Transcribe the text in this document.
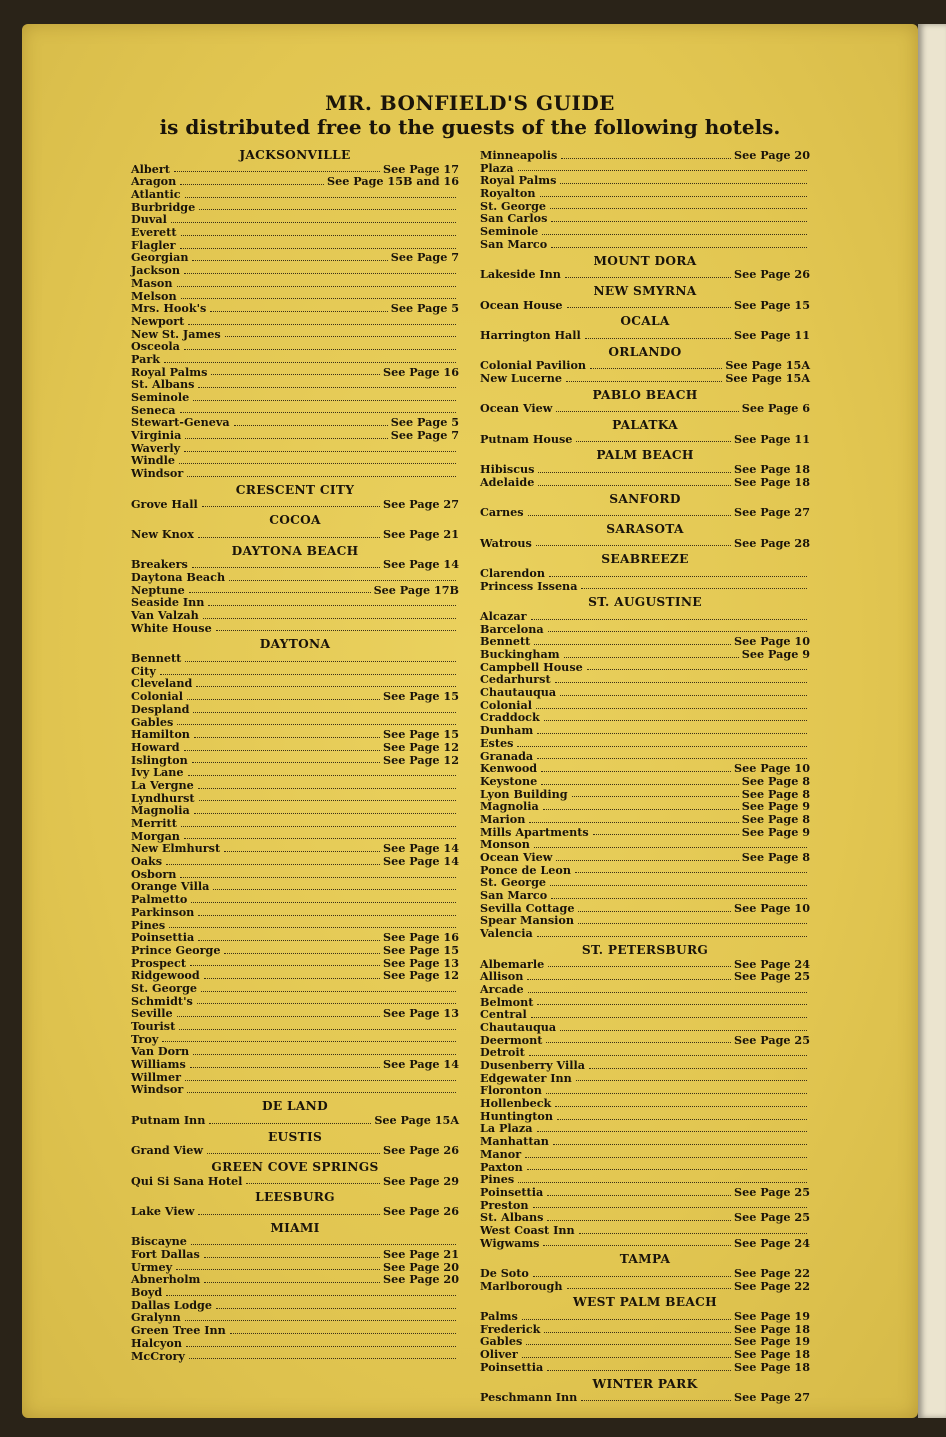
MR. BONFIELD'S GUIDE
is distributed free to the guests of the following hotels.
JACKSONVILLE
Albert	See Page 17
Aragon	See Page 15B and 16
Atlantic
Burbridge
Duval
Everett
Flagler
Georgian	See Page 7
Jackson
Mason
Melson
Mrs. Hook's	See Page 5
Newport
New St. James
Osceola
Park
Royal Palms	See Page 16
St. Albans
Seminole
Seneca
Stewart-Geneva	See Page 5
Virginia	See Page 7
Waverly
Windle
Windsor
CRESCENT CITY
Grove Hall	See Page 27
COCOA
New Knox	See Page 21
DAYTONA BEACH
Breakers	See Page 14
Daytona Beach
Neptune	See Page 17B
Seaside Inn
Van Valzah
White House
DAYTONA
Bennett
City
Cleveland
Colonial	See Page 15
Despland
Gables
Hamilton	See Page 15
Howard	See Page 12
Islington	See Page 12
Ivy Lane
La Vergne
Lyndhurst
Magnolia
Merritt
Morgan
New Elmhurst	See Page 14
Oaks	See Page 14
Osborn
Orange Villa
Palmetto
Parkinson
Pines
Poinsettia	See Page 16
Prince George	See Page 15
Prospect	See Page 13
Ridgewood	See Page 12
St. George
Schmidt's
Seville	See Page 13
Tourist
Troy
Van Dorn
Williams	See Page 14
Willmer
Windsor
DE LAND
Putnam Inn	See Page 15A
EUSTIS
Grand View	See Page 26
GREEN COVE SPRINGS
Qui Si Sana Hotel	See Page 29
LEESBURG
Lake View	See Page 26
MIAMI
Biscayne
Fort Dallas	See Page 21
Urmey	See Page 20
Abnerholm	See Page 20
Boyd
Dallas Lodge
Gralynn
Green Tree Inn
Halcyon
McCrory
Minneapolis	See Page 20
Plaza
Royal Palms
Royalton
St. George
San Carlos
Seminole
San Marco
MOUNT DORA
Lakeside Inn	See Page 26
NEW SMYRNA
Ocean House	See Page 15
OCALA
Harrington Hall	See Page 11
ORLANDO
Colonial Pavilion	See Page 15A
New Lucerne	See Page 15A
PABLO BEACH
Ocean View	See Page 6
PALATKA
Putnam House	See Page 11
PALM BEACH
Hibiscus	See Page 18
Adelaide	See Page 18
SANFORD
Carnes	See Page 27
SARASOTA
Watrous	See Page 28
SEABREEZE
Clarendon
Princess Issena
ST. AUGUSTINE
Alcazar
Barcelona
Bennett	See Page 10
Buckingham	See Page 9
Campbell House
Cedarhurst
Chautauqua
Colonial
Craddock
Dunham
Estes
Granada
Kenwood	See Page 10
Keystone	See Page 8
Lyon Building	See Page 8
Magnolia	See Page 9
Marion	See Page 8
Mills Apartments	See Page 9
Monson
Ocean View	See Page 8
Ponce de Leon
St. George
San Marco
Sevilla Cottage	See Page 10
Spear Mansion
Valencia
ST. PETERSBURG
Albemarle	See Page 24
Allison	See Page 25
Arcade
Belmont
Central
Chautauqua
Deermont	See Page 25
Detroit
Dusenberry Villa
Edgewater Inn
Floronton
Hollenbeck
Huntington
La Plaza
Manhattan
Manor
Paxton
Pines
Poinsettia	See Page 25
Preston
St. Albans	See Page 25
West Coast Inn
Wigwams	See Page 24
TAMPA
De Soto	See Page 22
Marlborough	See Page 22
WEST PALM BEACH
Palms	See Page 19
Frederick	See Page 18
Gables	See Page 19
Oliver	See Page 18
Poinsettia	See Page 18
WINTER PARK
Peschmann Inn	See Page 27
